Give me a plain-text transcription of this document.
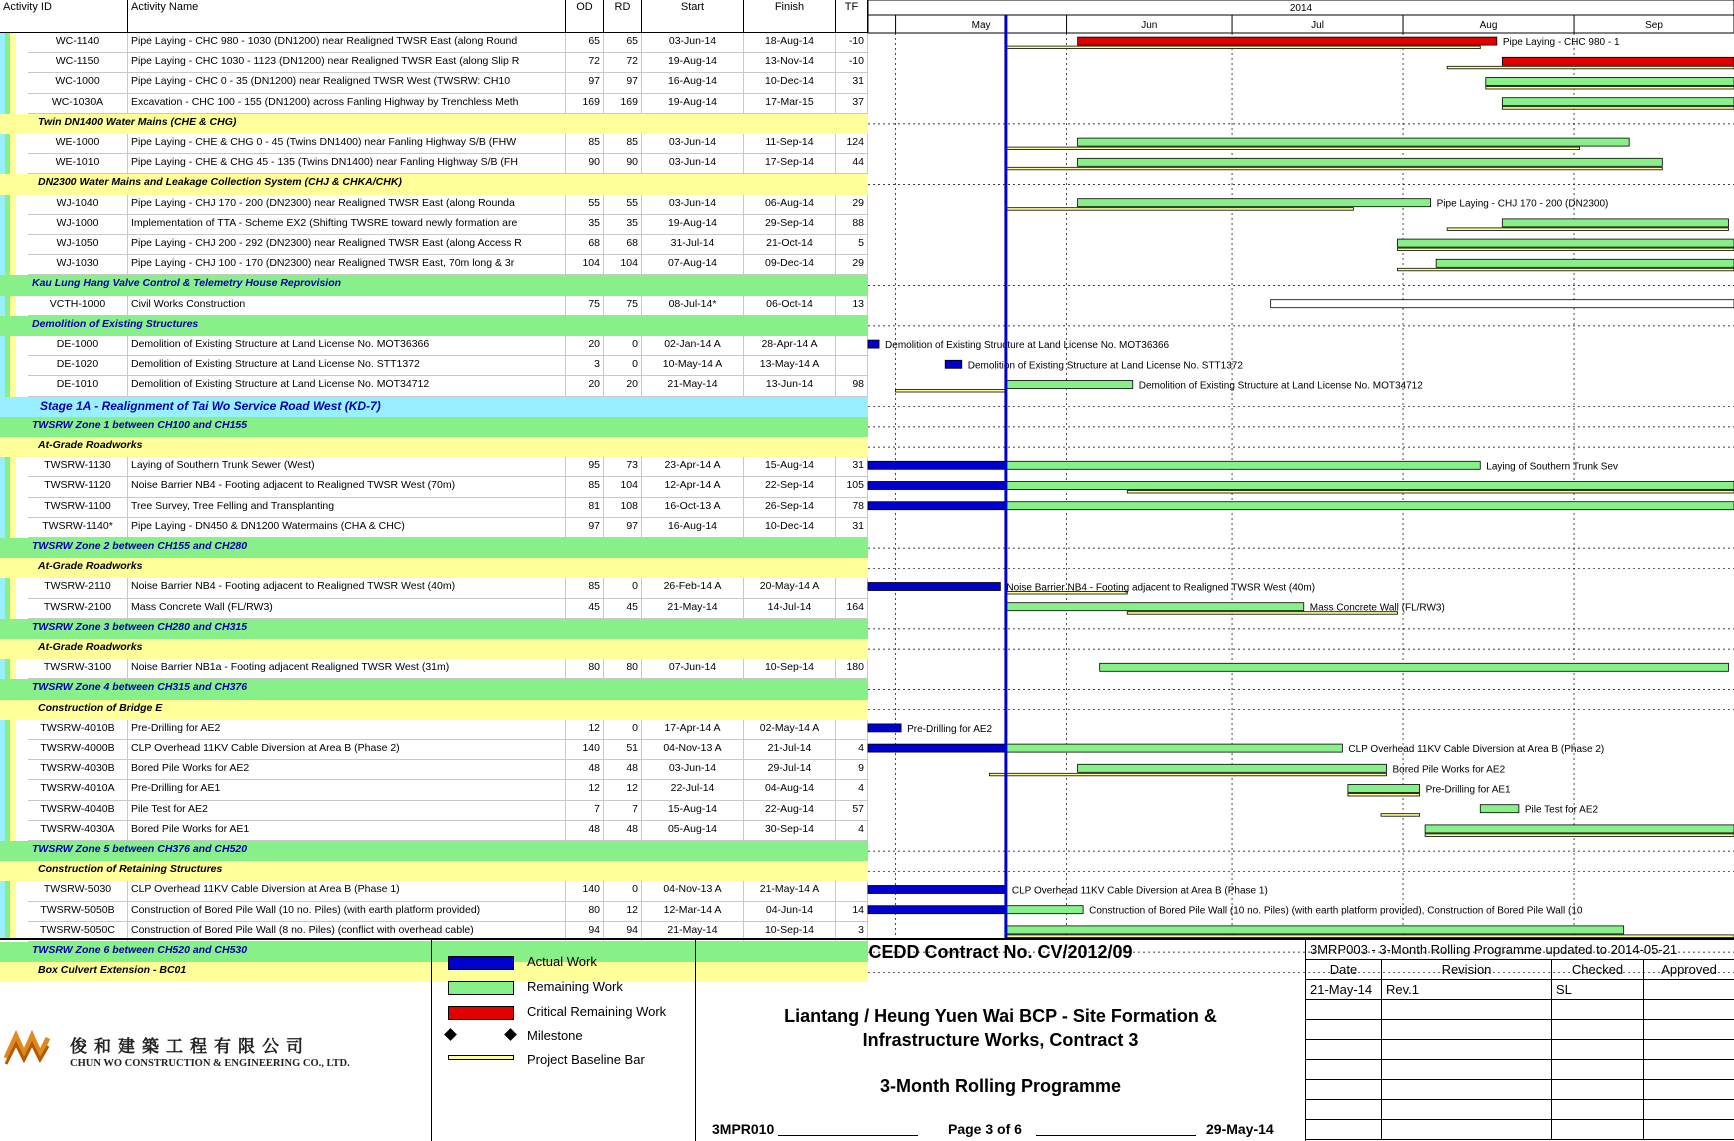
Activity ID	Activity Name	OD	RD	Start	Finish	TF
WC-1140	Pipe Laying - CHC 980 - 1030 (DN1200) near Realigned TWSR East (along Round	65	65	03-Jun-14	18-Aug-14	-10
WC-1150	Pipe Laying - CHC 1030 - 1123 (DN1200) near Realigned TWSR East (along Slip R	72	72	19-Aug-14	13-Nov-14	-10
WC-1000	Pipe Laying - CHC 0 - 35 (DN1200) near Realigned TWSR West (TWSRW: CH10	97	97	16-Aug-14	10-Dec-14	31
WC-1030A	Excavation - CHC 100 - 155 (DN1200) across Fanling Highway by Trenchless Meth	169	169	19-Aug-14	17-Mar-15	37
Twin DN1400 Water Mains (CHE & CHG)
WE-1000	Pipe Laying - CHE & CHG 0 - 45 (Twins DN1400) near Fanling Highway S/B (FHW	85	85	03-Jun-14	11-Sep-14	124
WE-1010	Pipe Laying - CHE & CHG 45 - 135 (Twins DN1400) near Fanling Highway S/B (FH	90	90	03-Jun-14	17-Sep-14	44
DN2300 Water Mains and Leakage Collection System (CHJ & CHKA/CHK)
WJ-1040	Pipe Laying - CHJ 170 - 200 (DN2300) near Realigned TWSR East (along Rounda	55	55	03-Jun-14	06-Aug-14	29
WJ-1000	Implementation of TTA - Scheme EX2 (Shifting TWSRE toward newly formation are	35	35	19-Aug-14	29-Sep-14	88
WJ-1050	Pipe Laying - CHJ 200 - 292 (DN2300) near Realigned TWSR East (along Access R	68	68	31-Jul-14	21-Oct-14	5
WJ-1030	Pipe Laying - CHJ 100 - 170 (DN2300) near Realigned TWSR East, 70m long & 3r	104	104	07-Aug-14	09-Dec-14	29
Kau Lung Hang Valve Control & Telemetry House Reprovision
VCTH-1000	Civil Works Construction	75	75	08-Jul-14*	06-Oct-14	13
Demolition of Existing Structures
DE-1000	Demolition of Existing Structure at Land License No. MOT36366	20	0	02-Jan-14 A	28-Apr-14 A
DE-1020	Demolition of Existing Structure at Land License No. STT1372	3	0	10-May-14 A	13-May-14 A
DE-1010	Demolition of Existing Structure at Land License No. MOT34712	20	20	21-May-14	13-Jun-14	98
Stage 1A - Realignment of Tai Wo Service Road West (KD-7)
TWSRW Zone 1 between CH100 and CH155
At-Grade Roadworks
TWSRW-1130	Laying of Southern Trunk Sewer (West)	95	73	23-Apr-14 A	15-Aug-14	31
TWSRW-1120	Noise Barrier NB4 - Footing adjacent to Realigned TWSR West (70m)	85	104	12-Apr-14 A	22-Sep-14	105
TWSRW-1100	Tree Survey, Tree Felling and Transplanting	81	108	16-Oct-13 A	26-Sep-14	78
TWSRW-1140*	Pipe Laying - DN450 & DN1200 Watermains (CHA & CHC)	97	97	16-Aug-14	10-Dec-14	31
TWSRW Zone 2 between CH155 and CH280
At-Grade Roadworks
TWSRW-2110	Noise Barrier NB4 - Footing adjacent to Realigned TWSR West (40m)	85	0	26-Feb-14 A	20-May-14 A
TWSRW-2100	Mass Concrete Wall (FL/RW3)	45	45	21-May-14	14-Jul-14	164
TWSRW Zone 3 between CH280 and CH315
At-Grade Roadworks
TWSRW-3100	Noise Barrier NB1a - Footing adjacent Realigned TWSR West (31m)	80	80	07-Jun-14	10-Sep-14	180
TWSRW Zone 4 between CH315 and CH376
Construction of Bridge E
TWSRW-4010B	Pre-Drilling for AE2	12	0	17-Apr-14 A	02-May-14 A
TWSRW-4000B	CLP Overhead 11KV Cable Diversion at Area B (Phase 2)	140	51	04-Nov-13 A	21-Jul-14	4
TWSRW-4030B	Bored Pile Works for AE2	48	48	03-Jun-14	29-Jul-14	9
TWSRW-4010A	Pre-Drilling for AE1	12	12	22-Jul-14	04-Aug-14	4
TWSRW-4040B	Pile Test for AE2	7	7	15-Aug-14	22-Aug-14	57
TWSRW-4030A	Bored Pile Works for AE1	48	48	05-Aug-14	30-Sep-14	4
TWSRW Zone 5 between CH376 and CH520
Construction of Retaining Structures
TWSRW-5030	CLP Overhead 11KV Cable Diversion at Area B (Phase 1)	140	0	04-Nov-13 A	21-May-14 A
TWSRW-5050B	Construction of Bored Pile Wall (10 no. Piles) (with earth platform provided)	80	12	12-Mar-14 A	04-Jun-14	14
TWSRW-5050C	Construction of Bored Pile Wall (8 no. Piles) (conflict with overhead cable)	94	94	21-May-14	10-Sep-14	3
TWSRW Zone 6 between CH520 and CH530
Box Culvert Extension - BC01
2014
May	Jun	Jul	Aug	Sep
Pipe Laying - CHC 980 - 1
Pipe Laying - CHJ 170 - 200 (DN2300)
Demolition of Existing Structure at Land License No. MOT36366
Demolition of Existing Structure at Land License No. STT1372
Demolition of Existing Structure at Land License No. MOT34712
Laying of Southern Trunk Sev
Noise Barrier NB4 - Footing adjacent to Realigned TWSR West (40m)
Mass Concrete Wall (FL/RW3)
Pre-Drilling for AE2
CLP Overhead 11KV Cable Diversion at Area B (Phase 2)
Bored Pile Works for AE2
Pre-Drilling for AE1
Pile Test for AE2
CLP Overhead 11KV Cable Diversion at Area B (Phase 1)
Construction of Bored Pile Wall (10 no. Piles) (with earth platform provided), Construction of Bored Pile Wall (10
俊和建築工程有限公司
CHUN WO CONSTRUCTION & ENGINEERING CO., LTD.
Actual Work
Remaining Work
Critical Remaining Work
Milestone
Project Baseline Bar
CEDD Contract No. CV/2012/09
Liantang / Heung Yuen Wai BCP - Site Formation &
Infrastructure Works, Contract 3
3-Month Rolling Programme
3MPR010	Page 3 of 6	29-May-14
3MRP003 - 3-Month Rolling Programme updated to 2014-05-21
Date	Revision	Checked	Approved
21-May-14	Rev.1	SL
